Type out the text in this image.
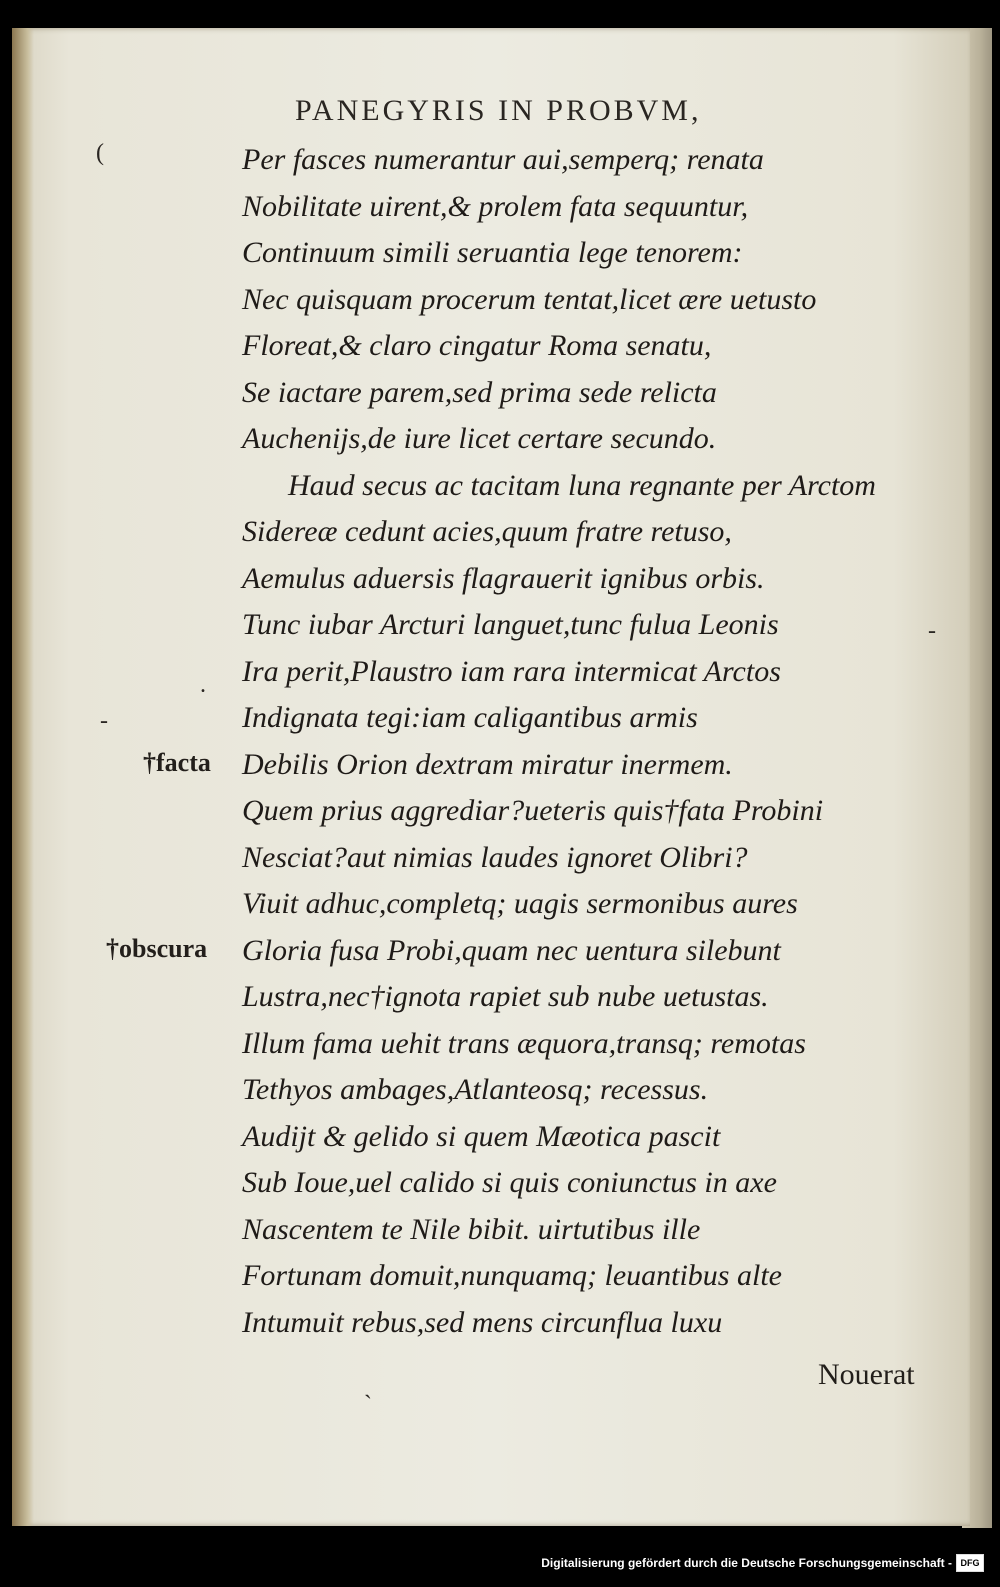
PANEGYRIS IN PROBVM,
Per fasces numerantur aui,semperq; renata
Nobilitate uirent,& prolem fata sequuntur,
Continuum simili seruantia lege tenorem:
Nec quisquam procerum tentat,licet ære uetusto
Floreat,& claro cingatur Roma senatu,
Se iactare parem,sed prima sede relicta
Auchenijs,de iure licet certare secundo.
Haud secus ac tacitam luna regnante per Arctom
Sidereæ cedunt acies,quum fratre retuso,
Aemulus aduersis flagrauerit ignibus orbis.
Tunc iubar Arcturi languet,tunc fulua Leonis
Ira perit,Plaustro iam rara intermicat Arctos
Indignata tegi:iam caligantibus armis
Debilis Orion dextram miratur inermem.
Quem prius aggrediar?ueteris quis†fata Probini
Nesciat?aut nimias laudes ignoret Olibri?
Viuit adhuc,completq; uagis sermonibus aures
Gloria fusa Probi,quam nec uentura silebunt
Lustra,nec†ignota rapiet sub nube uetustas.
Illum fama uehit trans æquora,transq; remotas
Tethyos ambages,Atlanteosq; recessus.
Audijt & gelido si quem Mæotica pascit
Sub Ioue,uel calido si quis coniunctus in axe
Nascentem te Nile bibit. uirtutibus ille
Fortunam domuit,nunquamq; leuantibus alte
Intumuit rebus,sed mens circunflua luxu
†facta
†obscura
(
-
.
-
`
Nouerat
Digitalisierung gefördert durch die Deutsche Forschungsgemeinschaft - DFG
